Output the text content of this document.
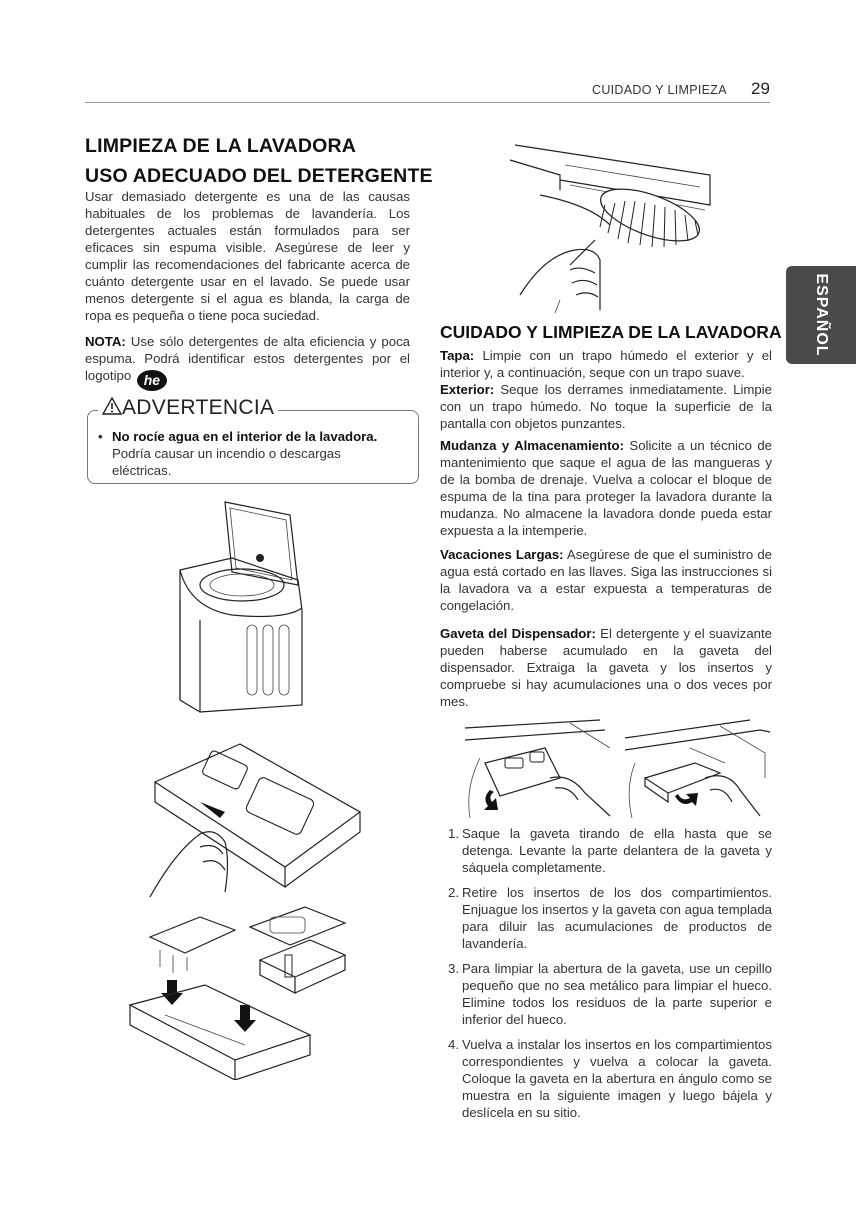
CUIDADO Y LIMPIEZA 29
ESPAÑOL
LIMPIEZA DE LA LAVADORA
USO ADECUADO DEL DETERGENTE

Usar demasiado detergente es una de las causas habituales de los problemas de lavandería. Los detergentes actuales están formulados para ser eficaces sin espuma visible. Asegúrese de leer y cumplir las recomendaciones del fabricante acerca de cuánto detergente usar en el lavado. Se puede usar menos detergente si el agua es blanda, la carga de ropa es pequeña o tiene poca suciedad.

NOTA: Use sólo detergentes de alta eficiencia y poca espuma. Podrá identificar estos detergentes por el logotipo he

ADVERTENCIA
• No rocíe agua en el interior de la lavadora.
Podría causar un incendio o descargas eléctricas.
CUIDADO Y LIMPIEZA DE LA LAVADORA

Tapa: Limpie con un trapo húmedo el exterior y el interior y, a continuación, seque con un trapo suave.
Exterior: Seque los derrames inmediatamente. Limpie con un trapo húmedo. No toque la superficie de la pantalla con objetos punzantes.

Mudanza y Almacenamiento: Solicite a un técnico de mantenimiento que saque el agua de las mangueras y de la bomba de drenaje. Vuelva a colocar el bloque de espuma de la tina para proteger la lavadora durante la mudanza. No almacene la lavadora donde pueda estar expuesta a la intemperie.

Vacaciones Largas: Asegúrese de que el suministro de agua está cortado en las llaves. Siga las instrucciones si la lavadora va a estar expuesta a temperaturas de congelación.

Gaveta del Dispensador: El detergente y el suavizante pueden haberse acumulado en la gaveta del dispensador. Extraiga la gaveta y los insertos y compruebe si hay acumulaciones una o dos veces por mes.

1. Saque la gaveta tirando de ella hasta que se detenga. Levante la parte delantera de la gaveta y sáquela completamente.
2. Retire los insertos de los dos compartimientos. Enjuague los insertos y la gaveta con agua templada para diluir las acumulaciones de productos de lavandería.
3. Para limpiar la abertura de la gaveta, use un cepillo pequeño que no sea metálico para limpiar el hueco. Elimine todos los residuos de la parte superior e inferior del hueco.
4. Vuelva a instalar los insertos en los compartimientos correspondientes y vuelva a colocar la gaveta. Coloque la gaveta en la abertura en ángulo como se muestra en la siguiente imagen y luego bájela y deslícela en su sitio.
